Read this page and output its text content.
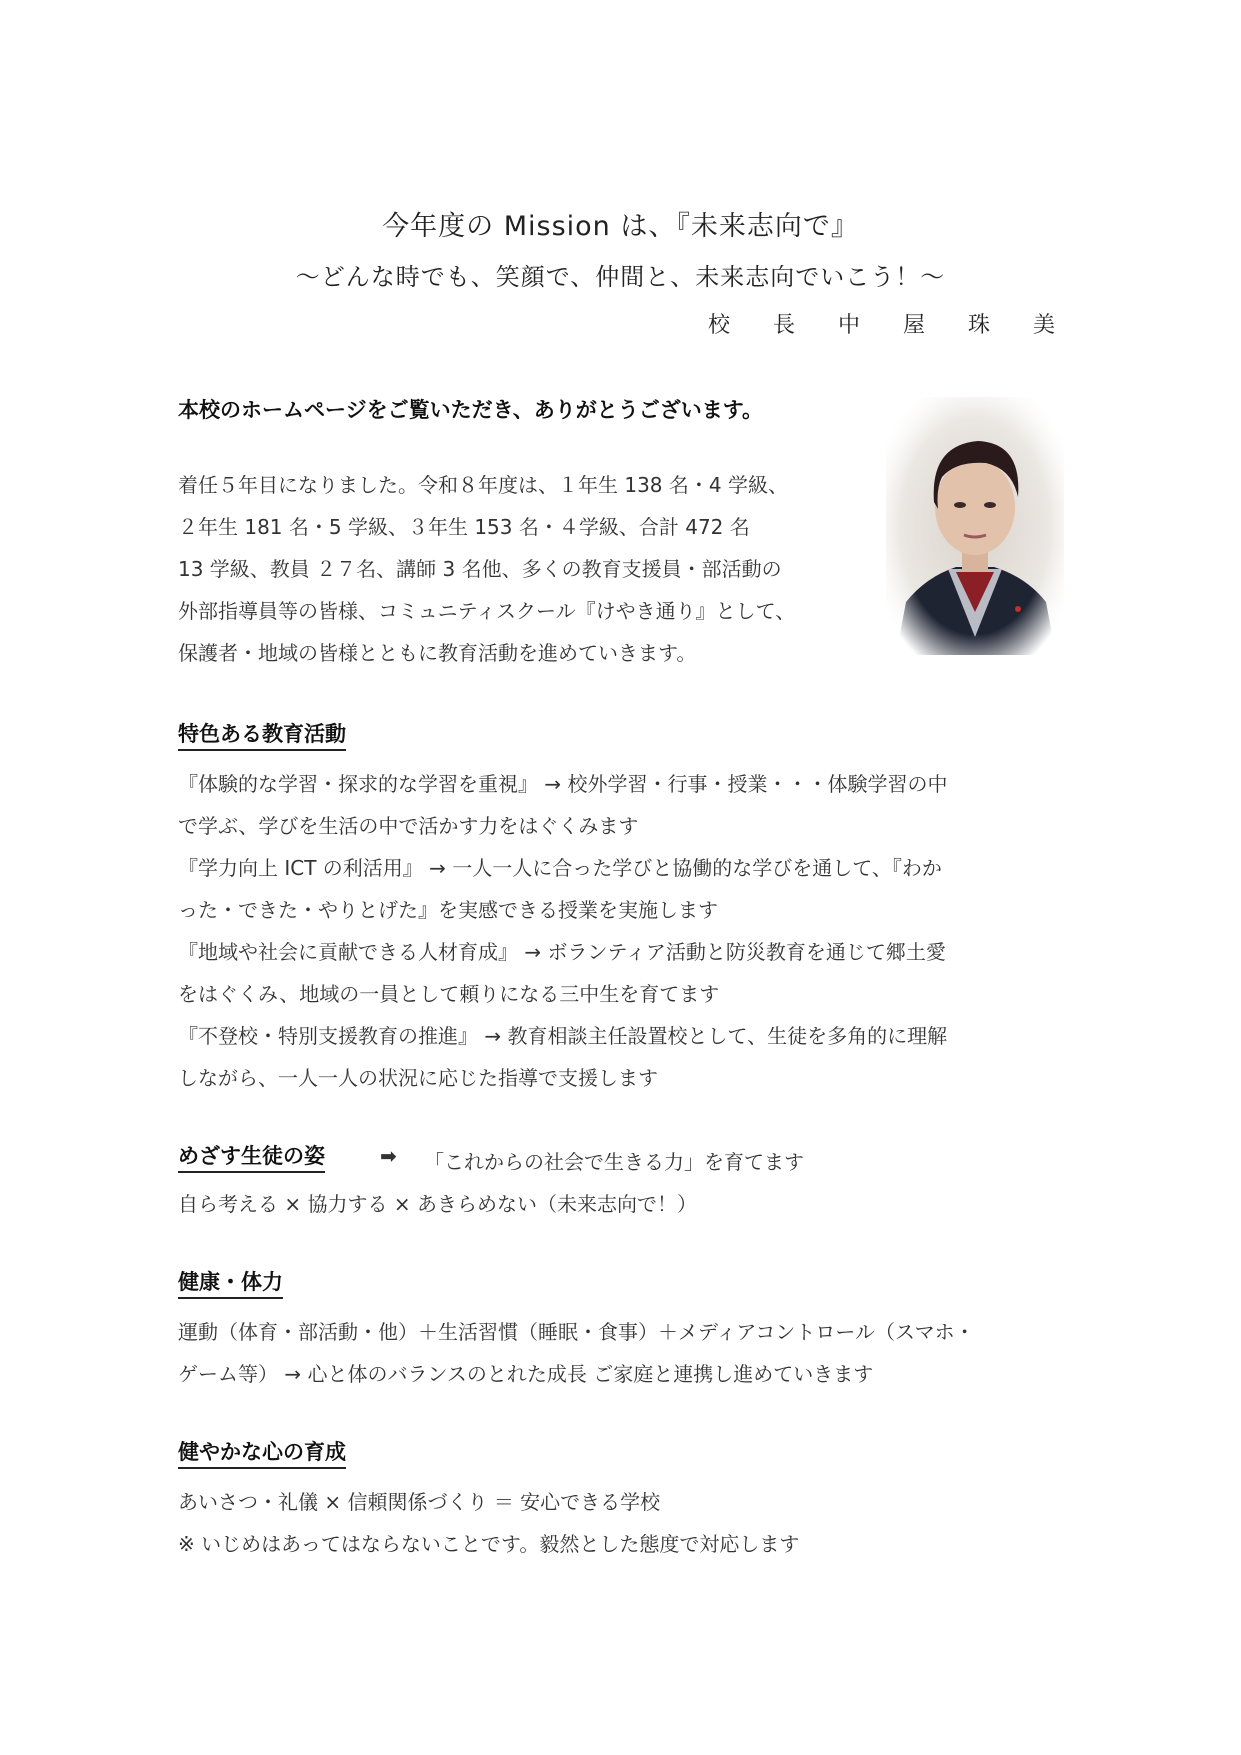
今年度の Mission は、『未来志向で』
～どんな時でも、笑顔で、仲間と、未来志向でいこう！～
校 長 中 屋 珠 美
本校のホームページをご覧いただき、ありがとうございます。
着任５年目になりました。令和８年度は、１年生 138 名・4 学級、
２年生 181 名・5 学級、３年生 153 名・４学級、合計 472 名
13 学級、教員 ２７名、講師 3 名他、多くの教育支援員・部活動の
外部指導員等の皆様、コミュニティスクール『けやき通り』として、
保護者・地域の皆様とともに教育活動を進めていきます。
特色ある教育活動
『体験的な学習・探求的な学習を重視』 → 校外学習・行事・授業・・・体験学習の中
で学ぶ、学びを生活の中で活かす力をはぐくみます
『学力向上 ICT の利活用』 → 一人一人に合った学びと協働的な学びを通して、『わか
った・できた・やりとげた』を実感できる授業を実施します
『地域や社会に貢献できる人材育成』 → ボランティア活動と防災教育を通じて郷土愛
をはぐくみ、地域の一員として頼りになる三中生を育てます
『不登校・特別支援教育の推進』 → 教育相談主任設置校として、生徒を多角的に理解
しながら、一人一人の状況に応じた指導で支援します
めざす生徒の姿	➡ 「これからの社会で生きる力」を育てます
自ら考える × 協力する × あきらめない（未来志向で！）
健康・体力
運動（体育・部活動・他）＋生活習慣（睡眠・食事）＋メディアコントロール（スマホ・
ゲーム等） → 心と体のバランスのとれた成長 ご家庭と連携し進めていきます
健やかな心の育成
あいさつ・礼儀 × 信頼関係づくり ＝ 安心できる学校
※ いじめはあってはならないことです。毅然とした態度で対応します
